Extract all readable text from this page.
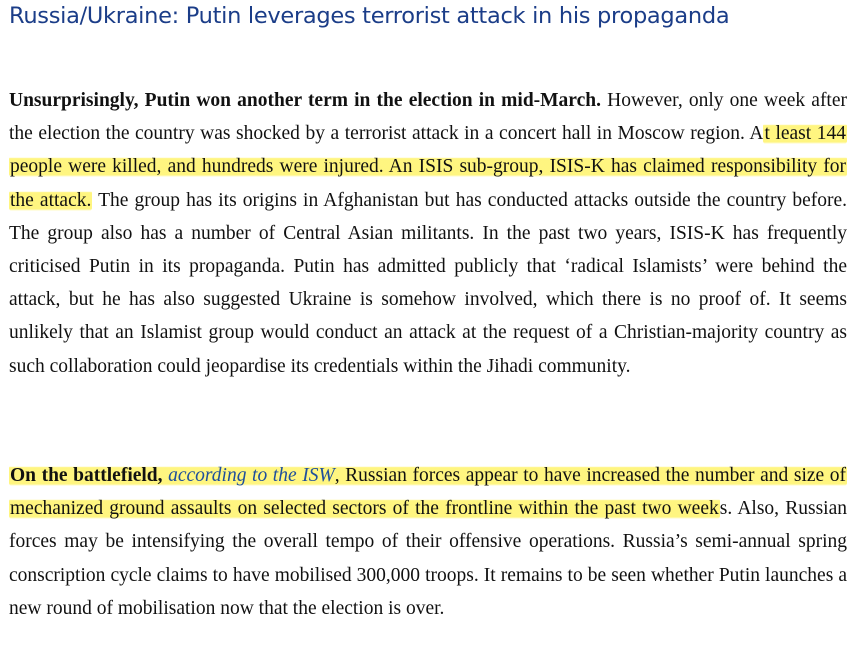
Russia/Ukraine: Putin leverages terrorist attack in his propaganda

Unsurprisingly, Putin won another term in the election in mid-March. However, only one week after the election the country was shocked by a terrorist attack in a concert hall in Moscow region. At least 144 people were killed, and hundreds were injured. An ISIS sub-group, ISIS-K has claimed responsibility for the attack. The group has its origins in Afghanistan but has conducted attacks outside the country before. The group also has a number of Central Asian militants. In the past two years, ISIS-K has frequently criticised Putin in its propaganda. Putin has admitted publicly that ‘radical Islamists’ were behind the attack, but he has also suggested Ukraine is somehow involved, which there is no proof of. It seems unlikely that an Islamist group would conduct an attack at the request of a Christian-majority country as such collaboration could jeopardise its credentials within the Jihadi community.

On the battlefield, according to the ISW, Russian forces appear to have increased the number and size of mechanized ground assaults on selected sectors of the frontline within the past two weeks. Also, Russian forces may be intensifying the overall tempo of their offensive operations. Russia’s semi-annual spring conscription cycle claims to have mobilised 300,000 troops. It remains to be seen whether Putin launches a new round of mobilisation now that the election is over.
